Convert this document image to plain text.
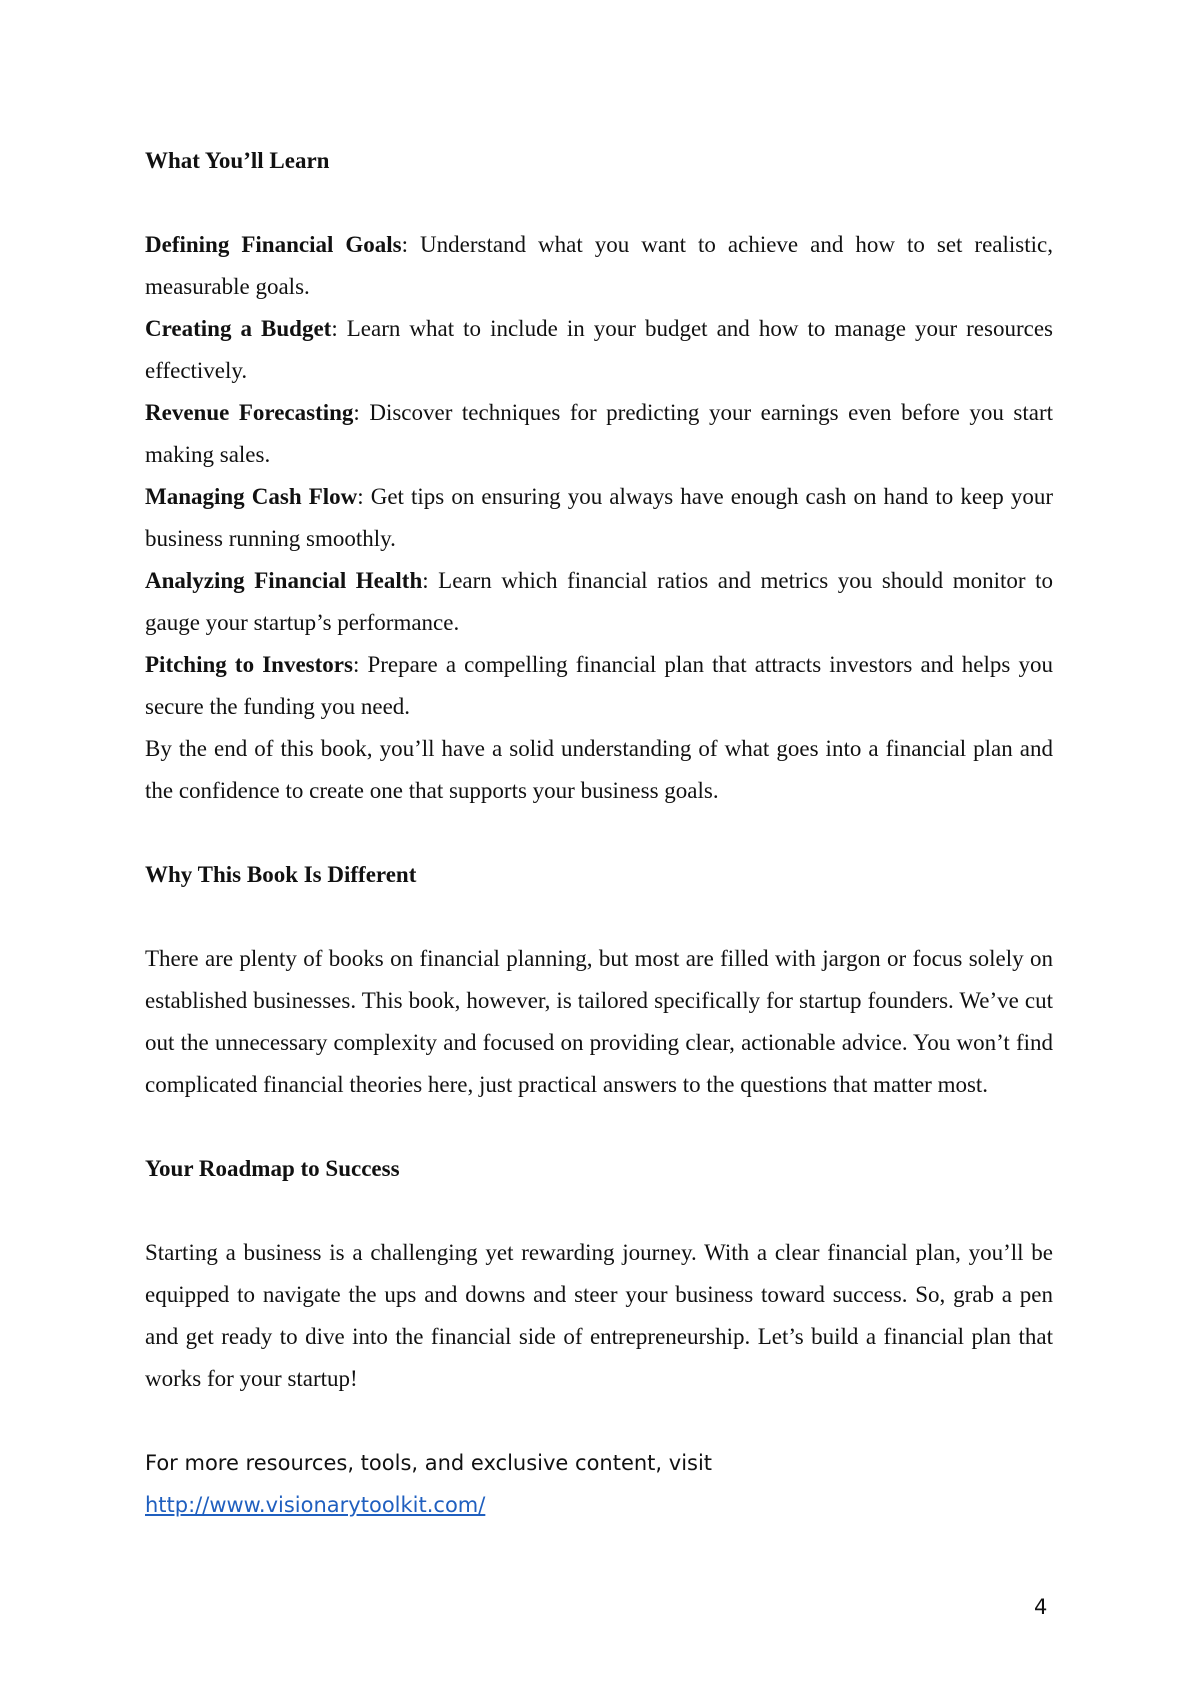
What You’ll Learn

Defining Financial Goals: Understand what you want to achieve and how to set realistic, measurable goals.

Creating a Budget: Learn what to include in your budget and how to manage your resources effectively.

Revenue Forecasting: Discover techniques for predicting your earnings even before you start making sales.

Managing Cash Flow: Get tips on ensuring you always have enough cash on hand to keep your business running smoothly.

Analyzing Financial Health: Learn which financial ratios and metrics you should monitor to gauge your startup’s performance.

Pitching to Investors: Prepare a compelling financial plan that attracts investors and helps you secure the funding you need.

By the end of this book, you’ll have a solid understanding of what goes into a financial plan and the confidence to create one that supports your business goals.

Why This Book Is Different

There are plenty of books on financial planning, but most are filled with jargon or focus solely on established businesses. This book, however, is tailored specifically for startup founders. We’ve cut out the unnecessary complexity and focused on providing clear, actionable advice. You won’t find complicated financial theories here, just practical answers to the questions that matter most.

Your Roadmap to Success

Starting a business is a challenging yet rewarding journey. With a clear financial plan, you’ll be equipped to navigate the ups and downs and steer your business toward success. So, grab a pen and get ready to dive into the financial side of entrepreneurship. Let’s build a financial plan that works for your startup!

For more resources, tools, and exclusive content, visit http://www.visionarytoolkit.com/

4
